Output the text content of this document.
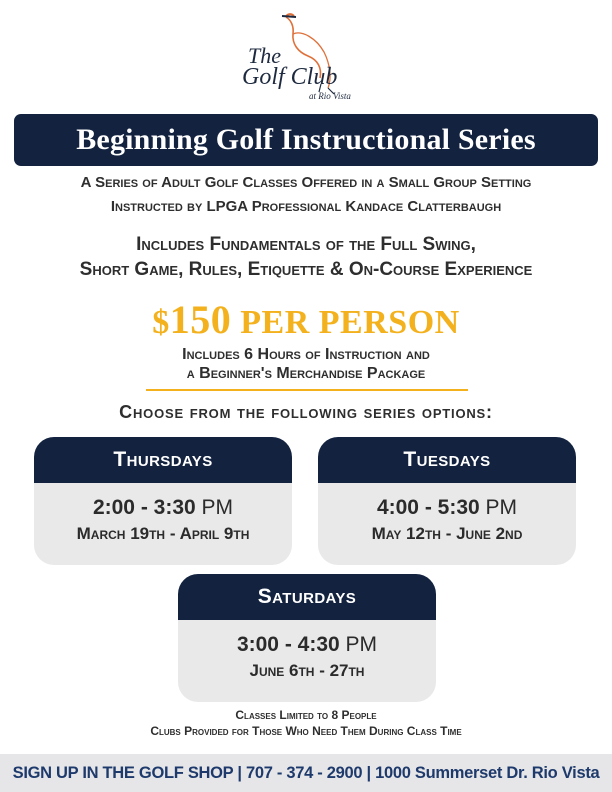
The
Golf Club
at Rio Vista
Beginning Golf Instructional Series
A Series of Adult Golf Classes Offered in a Small Group Setting
Instructed by LPGA Professional Kandace Clatterbaugh
Includes Fundamentals of the Full Swing,
Short Game, Rules, Etiquette & On-Course Experience
$150 PER PERSON
Includes 6 Hours of Instruction and
a Beginner's Merchandise Package
Choose from the following series options:
Thursdays
2:00 - 3:30 PM
March 19th - April 9th
Tuesdays
4:00 - 5:30 PM
May 12th - June 2nd
Saturdays
3:00 - 4:30 PM
June 6th - 27th
Classes Limited to 8 People
Clubs Provided for Those Who Need Them During Class Time
SIGN UP IN THE GOLF SHOP | 707 - 374 - 2900 | 1000 Summerset Dr. Rio Vista
